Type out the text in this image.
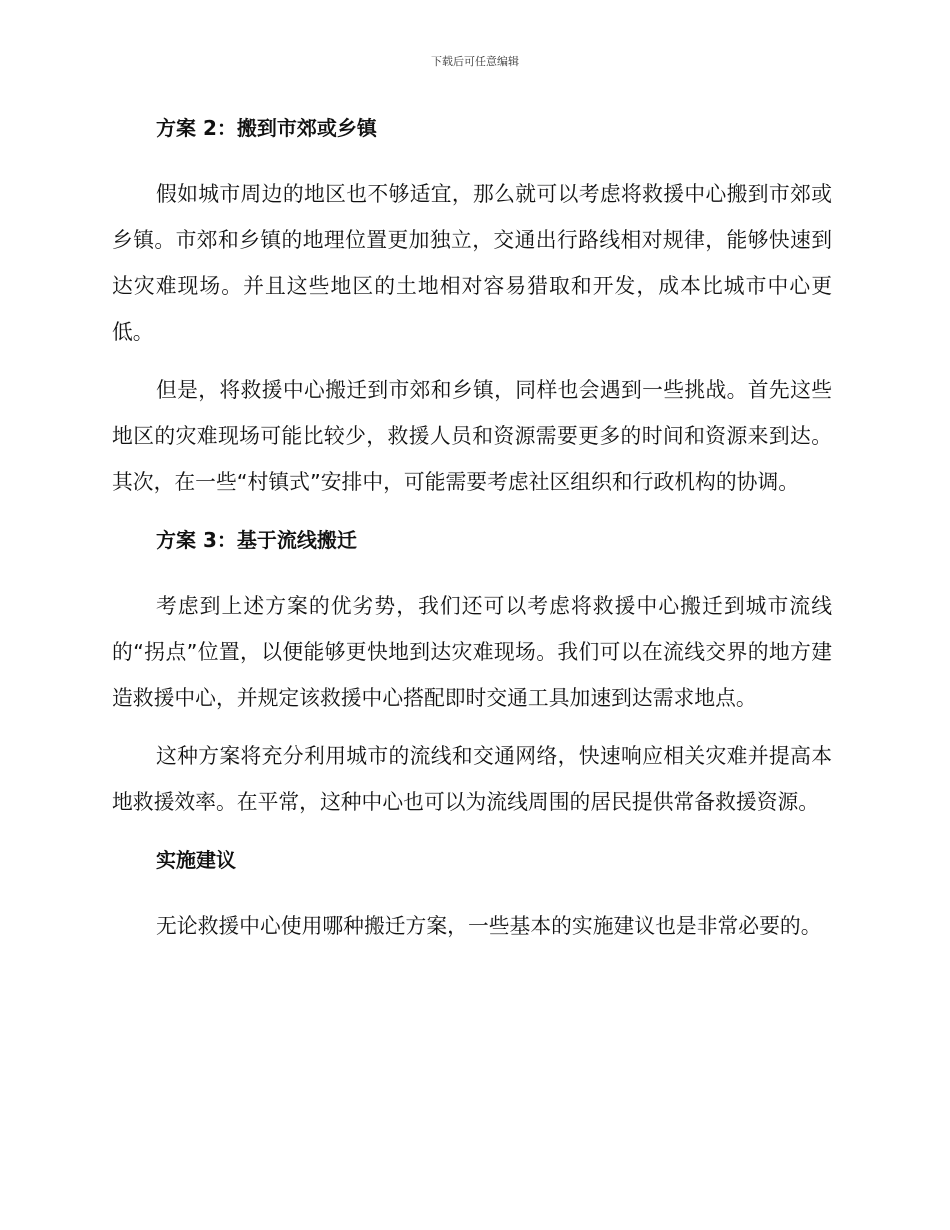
下载后可任意编辑
方案 2：搬到市郊或乡镇

假如城市周边的地区也不够适宜，那么就可以考虑将救援中心搬到市郊或乡镇。市郊和乡镇的地理位置更加独立，交通出行路线相对规律，能够快速到达灾难现场。并且这些地区的土地相对容易猎取和开发，成本比城市中心更低。

但是，将救援中心搬迁到市郊和乡镇，同样也会遇到一些挑战。首先这些地区的灾难现场可能比较少，救援人员和资源需要更多的时间和资源来到达。其次，在一些“村镇式”安排中，可能需要考虑社区组织和行政机构的协调。

方案 3：基于流线搬迁

考虑到上述方案的优劣势，我们还可以考虑将救援中心搬迁到城市流线的“拐点”位置，以便能够更快地到达灾难现场。我们可以在流线交界的地方建造救援中心，并规定该救援中心搭配即时交通工具加速到达需求地点。

这种方案将充分利用城市的流线和交通网络，快速响应相关灾难并提高本地救援效率。在平常，这种中心也可以为流线周围的居民提供常备救援资源。

实施建议

无论救援中心使用哪种搬迁方案，一些基本的实施建议也是非常必要的。
